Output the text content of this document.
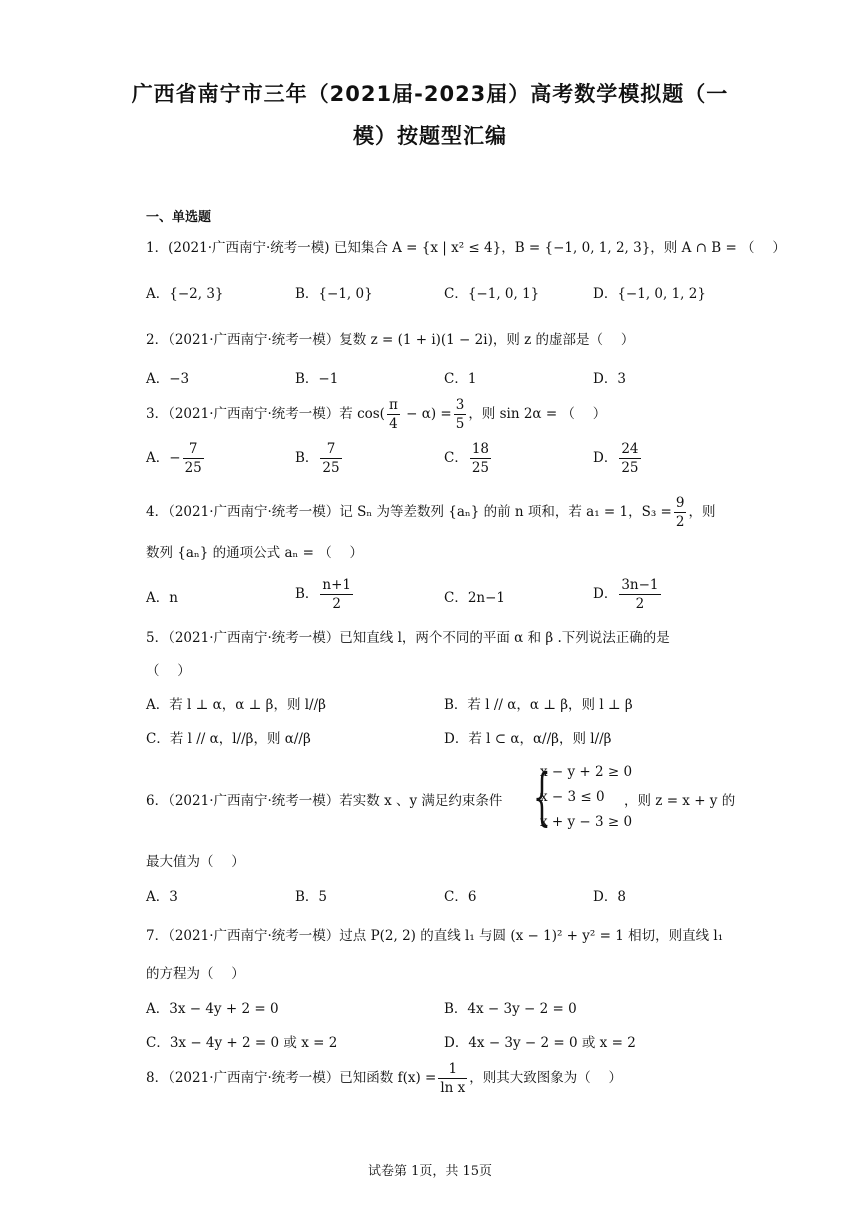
广西省南宁市三年（2021届-2023届）高考数学模拟题（一
模）按题型汇编
一、单选题
1．(2021·广西南宁·统考一模) 已知集合 A = {x | x² ≤ 4}，B = {−1, 0, 1, 2, 3}，则 A ∩ B = （　 ）
A．{−2, 3}	B．{−1, 0}	C．{−1, 0, 1}	D．{−1, 0, 1, 2}
2．（2021·广西南宁·统考一模）复数 z = (1 + i)(1 − 2i)，则 z 的虚部是（　 ）
A．−3	B．−1	C．1	D．3
3．（2021·广西南宁·统考一模）若 $\cos( \frac{\pi}{4} - \alpha) = \frac{3}{5}$ ，则 sin 2α = （　 ）
A．− $\frac{7}{25}$	B． $\frac{7}{25}$	C． $\frac{18}{25}$	D． $\frac{24}{25}$
4．（2021·广西南宁·统考一模）记 Sₙ 为等差数列 {aₙ} 的前 n 项和，若 a₁ = 1，$S_3 = \frac{9}{2}$ ，则
数列 {aₙ} 的通项公式 aₙ = （　 ）
A．n	B． $\frac{n+1}{2}$	C．2n−1	D． $\frac{3n-1}{2}$
5．（2021·广西南宁·统考一模）已知直线 l，两个不同的平面 α 和 β .下列说法正确的是
（　 ）
A．若 l ⊥ α，α ⊥ β，则 l//β	B．若 l // α，α ⊥ β，则 l ⊥ β
C．若 l // α，l//β，则 α//β	D．若 l ⊂ α，α//β，则 l//β
6．（2021·广西南宁·统考一模）若实数 x 、y 满足约束条件 {
x − y + 2 ≥ 0
x − 3 ≤ 0
x + y − 3 ≥ 0
，则 z = x + y 的
最大值为（　 ）
A．3	B．5	C．6	D．8
7．（2021·广西南宁·统考一模）过点 P(2, 2) 的直线 l₁ 与圆 (x − 1)² + y² = 1 相切，则直线 l₁
的方程为（　 ）
A．3x − 4y + 2 = 0	B．4x − 3y − 2 = 0
C．3x − 4y + 2 = 0 或 x = 2	D．4x − 3y − 2 = 0 或 x = 2
8．（2021·广西南宁·统考一模）已知函数 $f(x) = \frac{1}{\text{ln x}}$ ，则其大致图象为（　 ）
试卷第 1页，共 15页
